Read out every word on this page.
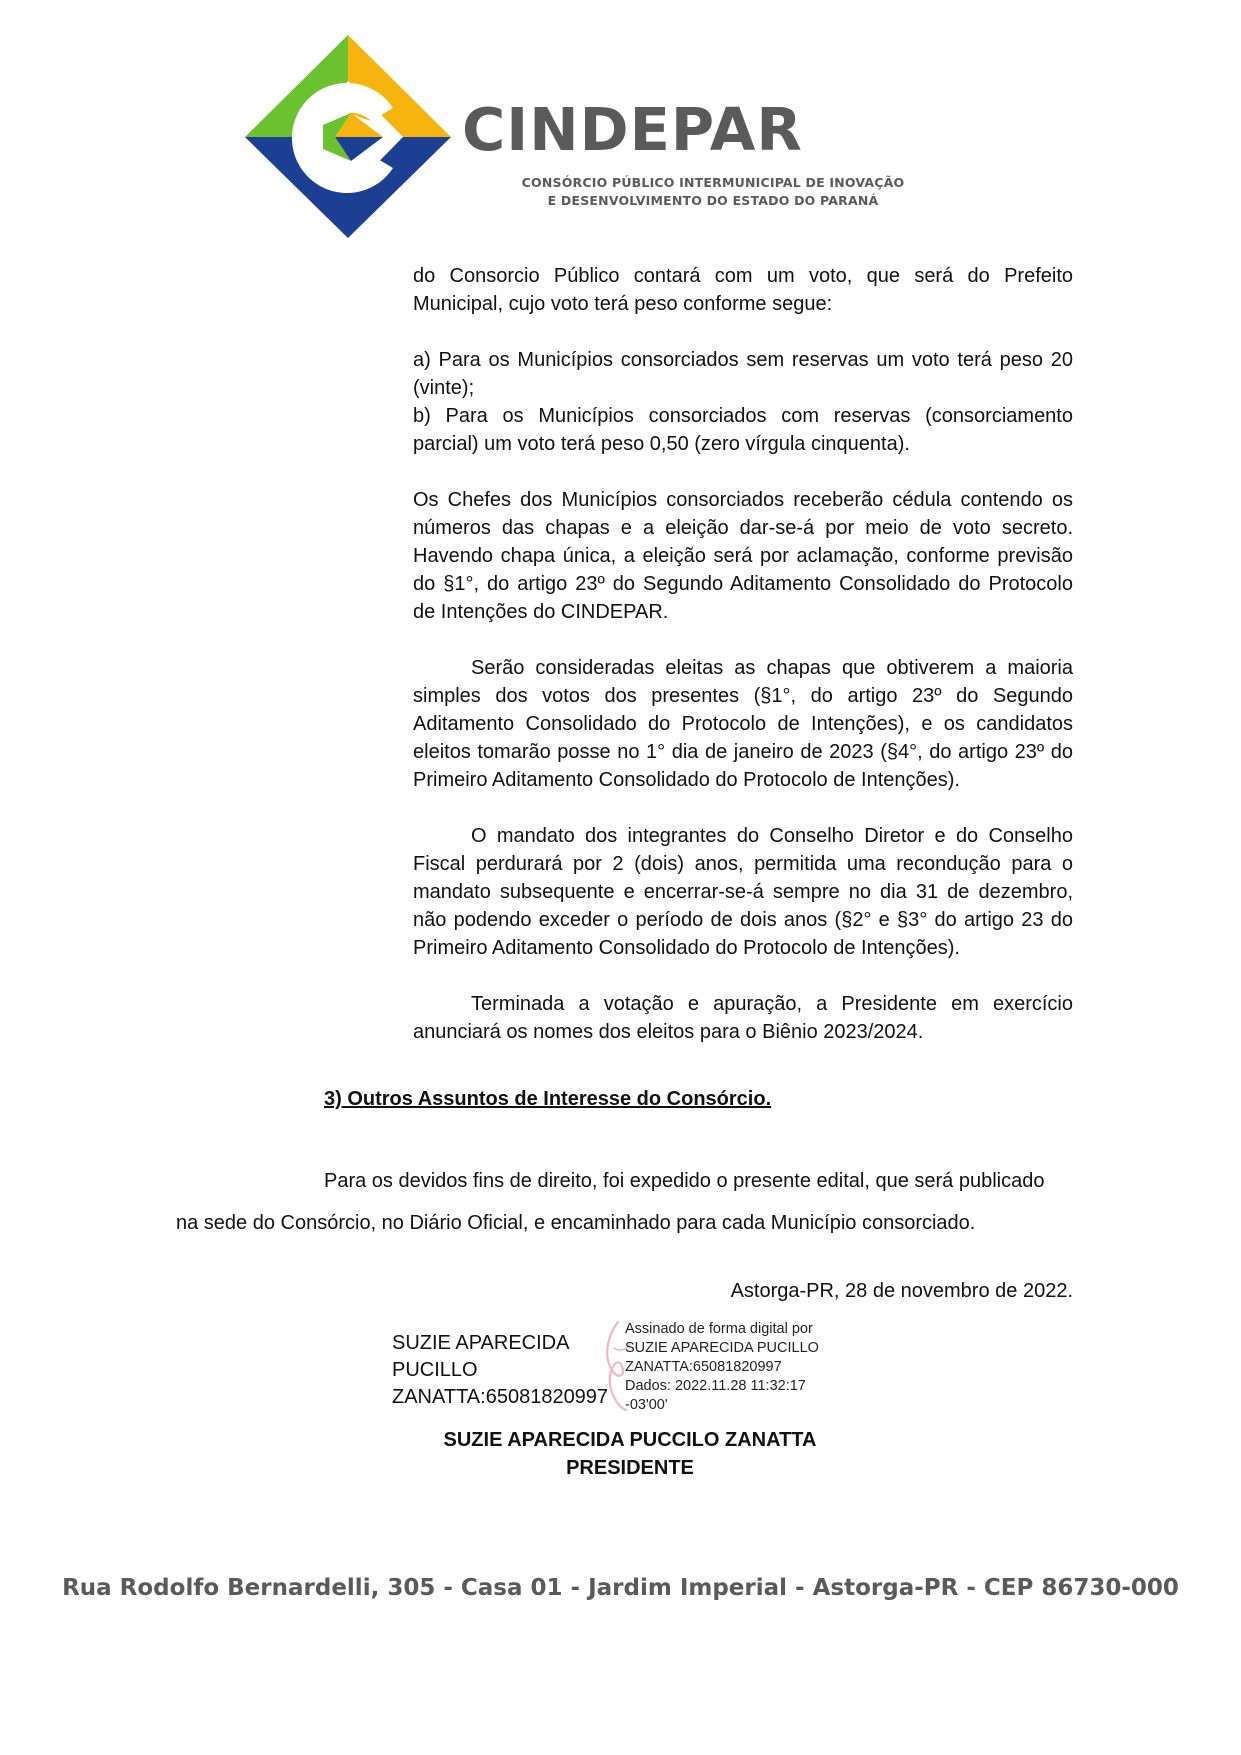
CINDEPAR
CONSÓRCIO PÚBLICO INTERMUNICIPAL DE INOVAÇÃO
E DESENVOLVIMENTO DO ESTADO DO PARANÁ

do Consorcio Público contará com um voto, que será do Prefeito Municipal, cujo voto terá peso conforme segue:

a) Para os Municípios consorciados sem reservas um voto terá peso 20 (vinte);

b) Para os Municípios consorciados com reservas (consorciamento parcial) um voto terá peso 0,50 (zero vírgula cinquenta).

Os Chefes dos Municípios consorciados receberão cédula contendo os números das chapas e a eleição dar-se-á por meio de voto secreto. Havendo chapa única, a eleição será por aclamação, conforme previsão do §1°, do artigo 23º do Segundo Aditamento Consolidado do Protocolo de Intenções do CINDEPAR.

Serão consideradas eleitas as chapas que obtiverem a maioria simples dos votos dos presentes (§1°, do artigo 23º do Segundo Aditamento Consolidado do Protocolo de Intenções), e os candidatos eleitos tomarão posse no 1° dia de janeiro de 2023 (§4°, do artigo 23º do Primeiro Aditamento Consolidado do Protocolo de Intenções).

O mandato dos integrantes do Conselho Diretor e do Conselho Fiscal perdurará por 2 (dois) anos, permitida uma recondução para o mandato subsequente e encerrar-se-á sempre no dia 31 de dezembro, não podendo exceder o período de dois anos (§2° e §3° do artigo 23 do Primeiro Aditamento Consolidado do Protocolo de Intenções).

Terminada a votação e apuração, a Presidente em exercício anunciará os nomes dos eleitos para o Biênio 2023/2024.

3) Outros Assuntos de Interesse do Consórcio.
Para os devidos fins de direito, foi expedido o presente edital, que será publicado
na sede do Consórcio, no Diário Oficial, e encaminhado para cada Município consorciado.
Astorga-PR, 28 de novembro de 2022.
SUZIE APARECIDA
PUCILLO
ZANATTA:65081820997
Assinado de forma digital por
SUZIE APARECIDA PUCILLO
ZANATTA:65081820997
Dados: 2022.11.28 11:32:17
-03'00'
SUZIE APARECIDA PUCCILO ZANATTA
PRESIDENTE
Rua Rodolfo Bernardelli, 305 - Casa 01 - Jardim Imperial - Astorga-PR - CEP 86730-000
